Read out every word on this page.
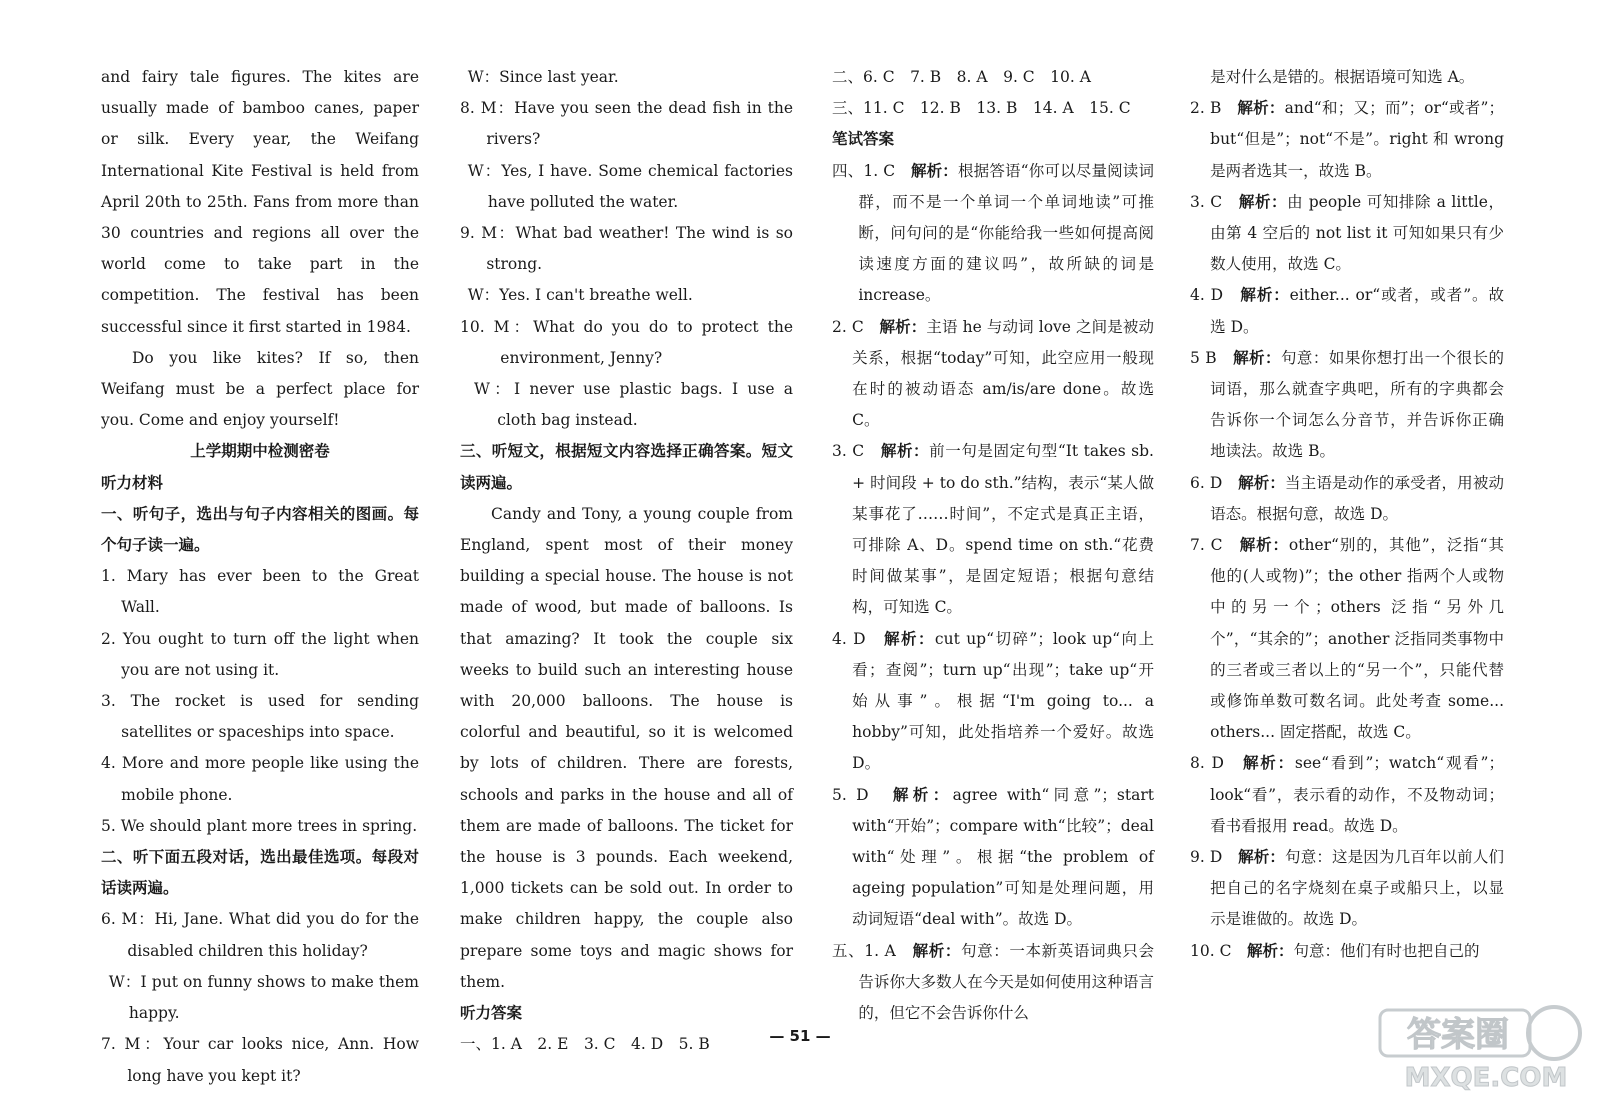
and fairy tale figures. The kites are usually made of bamboo canes, paper or silk. Every year, the Weifang International Kite Festival is held from April 20th to 25th. Fans from more than 30 countries and regions all over the world come to take part in the competition. The festival has been successful since it first started in 1984.

Do you like kites? If so, then Weifang must be a perfect place for you. Come and enjoy yourself!

上学期期中检测密卷

听力材料

一、听句子，选出与句子内容相关的图画。每个句子读一遍。

1. Mary has ever been to the Great Wall.

2. You ought to turn off the light when you are not using it.

3. The rocket is used for sending satellites or spaceships into space.

4. More and more people like using the mobile phone.

5. We should plant more trees in spring.

二、听下面五段对话，选出最佳选项。每段对话读两遍。

6. M：Hi, Jane. What did you do for the disabled children this holiday?

W：I put on funny shows to make them happy.

7. M：Your car looks nice, Ann. How long have you kept it?

W：Since last year.

8. M：Have you seen the dead fish in the rivers?

W：Yes, I have. Some chemical factories have polluted the water.

9. M：What bad weather! The wind is so strong.

W：Yes. I can't breathe well.

10. M：What do you do to protect the environment, Jenny?

W：I never use plastic bags. I use a cloth bag instead.

三、听短文，根据短文内容选择正确答案。短文读两遍。

Candy and Tony, a young couple from England, spent most of their money building a special house. The house is not made of wood, but made of balloons. Is that amazing? It took the couple six weeks to build such an interesting house with 20,000 balloons. The house is colorful and beautiful, so it is welcomed by lots of children. There are forests, schools and parks in the house and all of them are made of balloons. The ticket for the house is 3 pounds. Each weekend, 1,000 tickets can be sold out. In order to make children happy, the couple also prepare some toys and magic shows for them.

听力答案

一、1. A　2. E　3. C　4. D　5. B

二、6. C　7. B　8. A　9. C　10. A

三、11. C　12. B　13. B　14. A　15. C

笔试答案

四、1. C　 解析：根据答语“你可以尽量阅读词群，而不是一个单词一个单词地读”可推断，问句问的是“你能给我一些如何提高阅读速度方面的建议吗”，故所缺的词是 increase。

2. C　 解析：主语 he 与动词 love 之间是被动关系，根据“today”可知，此空应用一般现在时的被动语态 am/is/are done。故选 C。

3. C　 解析：前一句是固定句型“It takes sb. + 时间段 + to do sth.”结构，表示“某人做某事花了……时间”，不定式是真正主语，可排除 A、D。spend time on sth.“花费时间做某事”，是固定短语；根据句意结构，可知选 C。

4. D　 解析：cut up“切碎”；look up“向上看；查阅”；turn up“出现”；take up“开始从事”。根据“I'm going to... a hobby”可知，此处指培养一个爱好。故选 D。

5. D　 解析：agree with“同意”；start with“开始”；compare with“比较”；deal with“处理”。根据“the problem of ageing population”可知是处理问题，用动词短语“deal with”。故选 D。

五、1. A　 解析：句意：一本新英语词典只会告诉你大多数人在今天是如何使用这种语言的，但它不会告诉你什么

是对什么是错的。根据语境可知选 A。

2. B　 解析：and“和；又；而”；or“或者”；but“但是”；not“不是”。right 和 wrong 是两者选其一，故选 B。

3. C　 解析：由 people 可知排除 a little，由第 4 空后的 not list it 可知如果只有少数人使用，故选 C。

4. D　 解析：either... or“或者，或者”。故选 D。

5 B　 解析：句意：如果你想打出一个很长的词语，那么就查字典吧，所有的字典都会告诉你一个词怎么分音节，并告诉你正确地读法。故选 B。

6. D　 解析：当主语是动作的承受者，用被动语态。根据句意，故选 D。

7. C　 解析：other“别的，其他”，泛指“其他的(人或物)”；the other 指两个人或物中的另一个；others 泛指“另外几个”，“其余的”；another 泛指同类事物中的三者或三者以上的“另一个”，只能代替或修饰单数可数名词。此处考查 some... others... 固定搭配，故选 C。

8. D　 解析：see“看到”；watch“观看”；look“看”，表示看的动作，不及物动词；看书看报用 read。故选 D。

9. D　 解析：句意：这是因为几百年以前人们把自己的名字烧刻在桌子或船只上，以显示是谁做的。故选 D。

10. C　 解析：句意：他们有时也把自己的

— 51 —	答案圈
MXQE.COM
